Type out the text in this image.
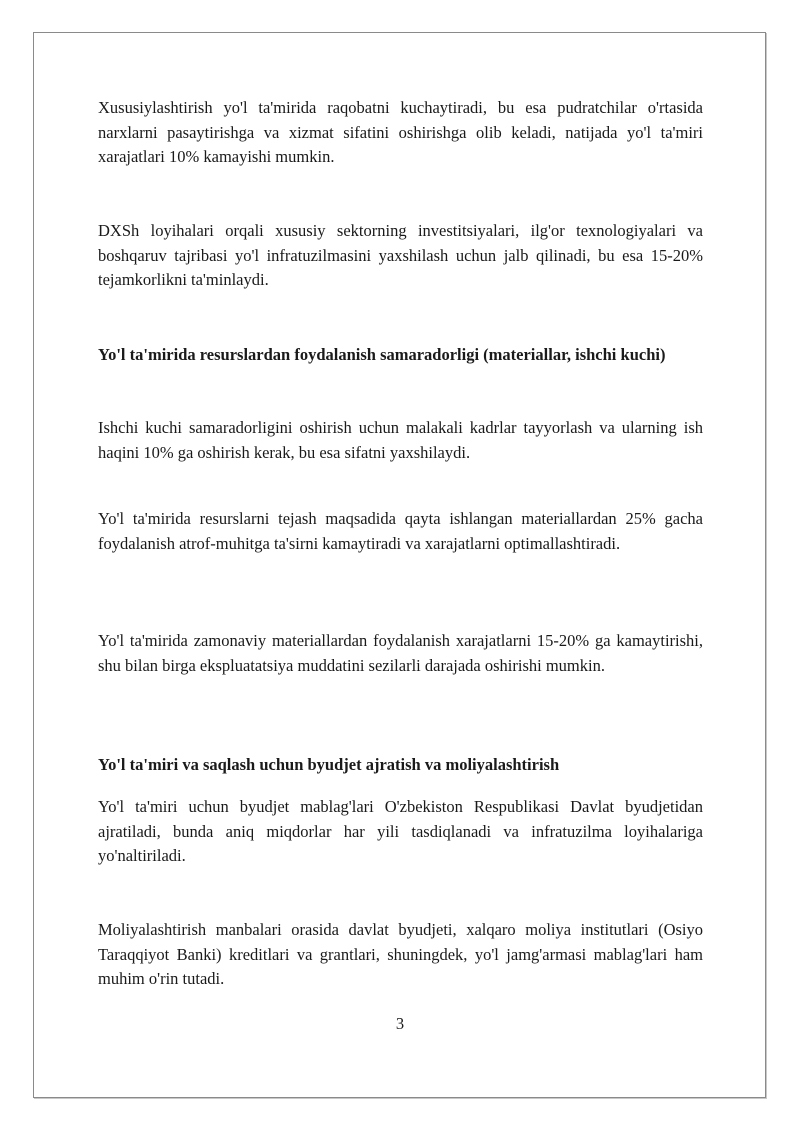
Xususiylashtirish yo'l ta'mirida raqobatni kuchaytiradi, bu esa pudratchilar o'rtasida narxlarni pasaytirishga va xizmat sifatini oshirishga olib keladi, natijada yo'l ta'miri xarajatlari 10% kamayishi mumkin.

DXSh loyihalari orqali xususiy sektorning investitsiyalari, ilg'or texnologiyalari va boshqaruv tajribasi yo'l infratuzilmasini yaxshilash uchun jalb qilinadi, bu esa 15-20% tejamkorlikni ta'minlaydi.

Yo'l ta'mirida resurslardan foydalanish samaradorligi (materiallar, ishchi kuchi)

Ishchi kuchi samaradorligini oshirish uchun malakali kadrlar tayyorlash va ularning ish haqini 10% ga oshirish kerak, bu esa sifatni yaxshilaydi.

Yo'l ta'mirida resurslarni tejash maqsadida qayta ishlangan materiallardan 25% gacha foydalanish atrof-muhitga ta'sirni kamaytiradi va xarajatlarni optimallashtiradi.

Yo'l ta'mirida zamonaviy materiallardan foydalanish xarajatlarni 15-20% ga kamaytirishi, shu bilan birga ekspluatatsiya muddatini sezilarli darajada oshirishi mumkin.

Yo'l ta'miri va saqlash uchun byudjet ajratish va moliyalashtirish

Yo'l ta'miri uchun byudjet mablag'lari O'zbekiston Respublikasi Davlat byudjetidan ajratiladi, bunda aniq miqdorlar har yili tasdiqlanadi va infratuzilma loyihalariga yo'naltiriladi.

Moliyalashtirish manbalari orasida davlat byudjeti, xalqaro moliya institutlari (Osiyo Taraqqiyot Banki) kreditlari va grantlari, shuningdek, yo'l jamg'armasi mablag'lari ham muhim o'rin tutadi.

3
